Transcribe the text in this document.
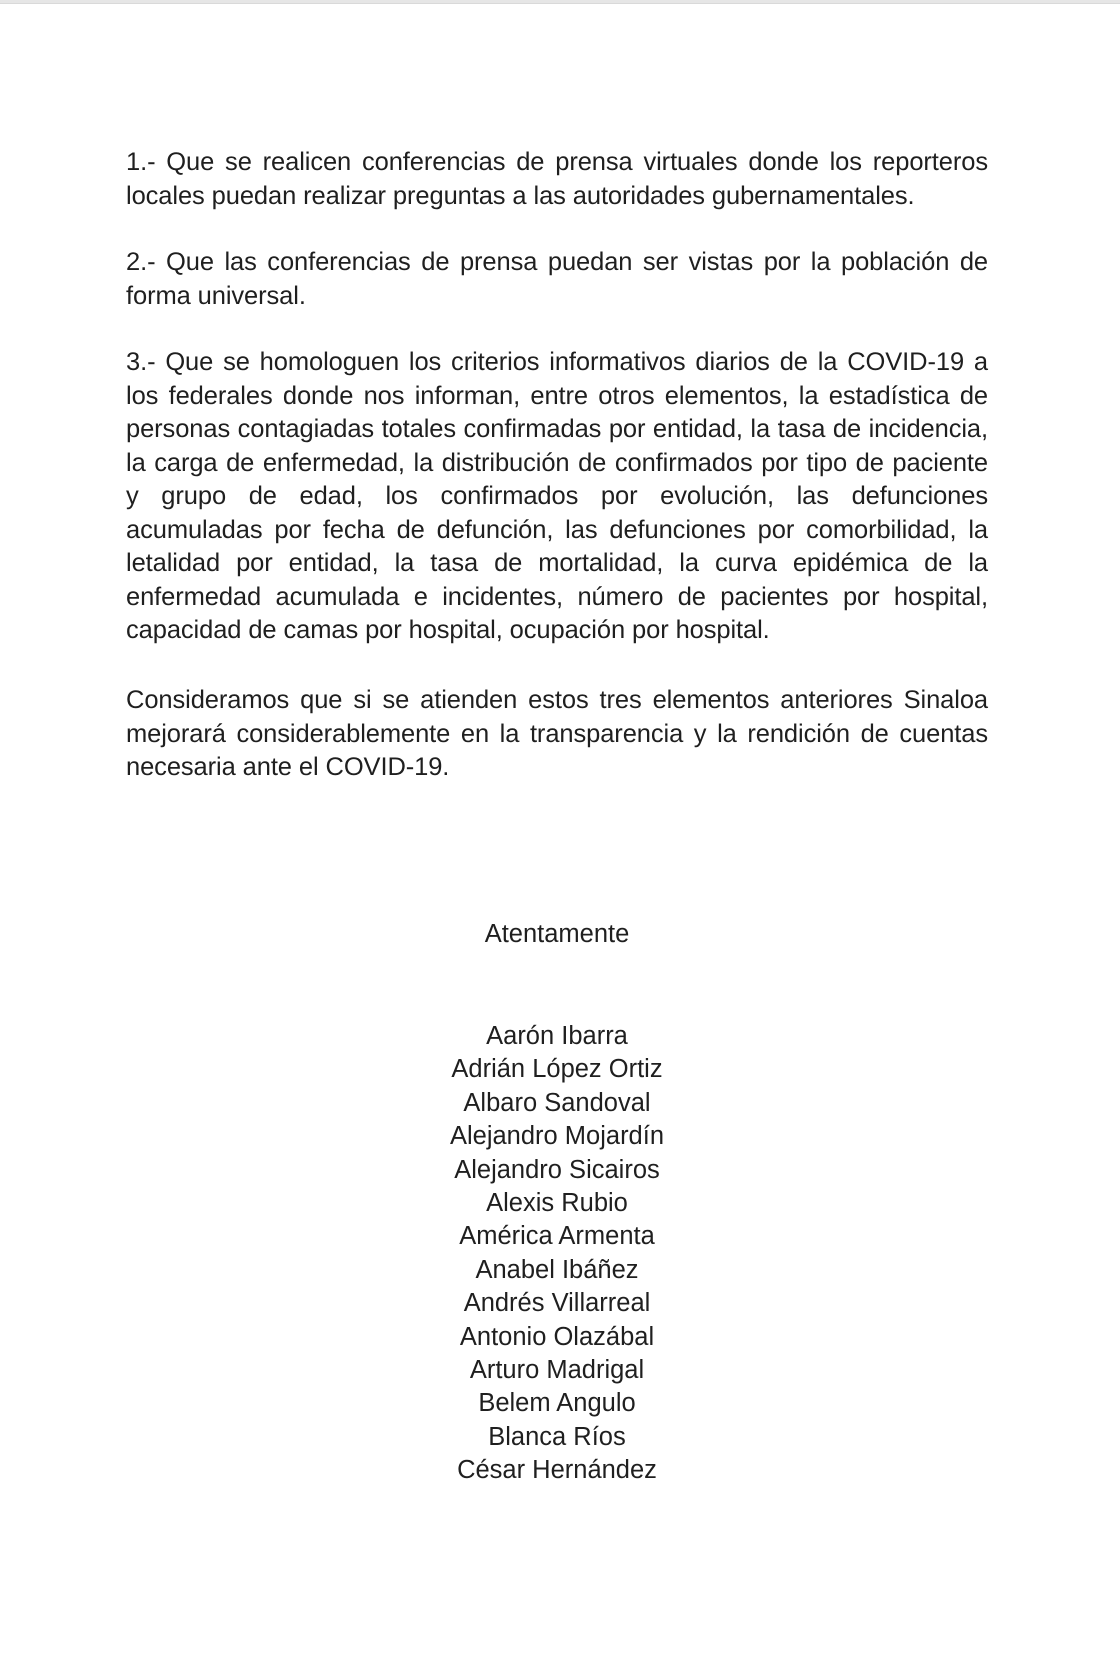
1.- Que se realicen conferencias de prensa virtuales donde los reporteros locales puedan realizar preguntas a las autoridades gubernamentales.

2.- Que las conferencias de prensa puedan ser vistas por la población de forma universal.

3.- Que se homologuen los criterios informativos diarios de la COVID-19 a los federales donde nos informan, entre otros elementos, la estadística de personas contagiadas totales confirmadas por entidad, la tasa de incidencia, la carga de enfermedad, la distribución de confirmados por tipo de paciente y grupo de edad, los confirmados por evolución, las defunciones acumuladas por fecha de defunción, las defunciones por comorbilidad, la letalidad por entidad, la tasa de mortalidad, la curva epidémica de la enfermedad acumulada e incidentes, número de pacientes por hospital, capacidad de camas por hospital, ocupación por hospital.

Consideramos que si se atienden estos tres elementos anteriores Sinaloa mejorará considerablemente en la transparencia y la rendición de cuentas necesaria ante el COVID-19.

Atentamente

Aarón Ibarra
Adrián López Ortiz
Albaro Sandoval
Alejandro Mojardín
Alejandro Sicairos
Alexis Rubio
América Armenta
Anabel Ibáñez
Andrés Villarreal
Antonio Olazábal
Arturo Madrigal
Belem Angulo
Blanca Ríos
César Hernández
